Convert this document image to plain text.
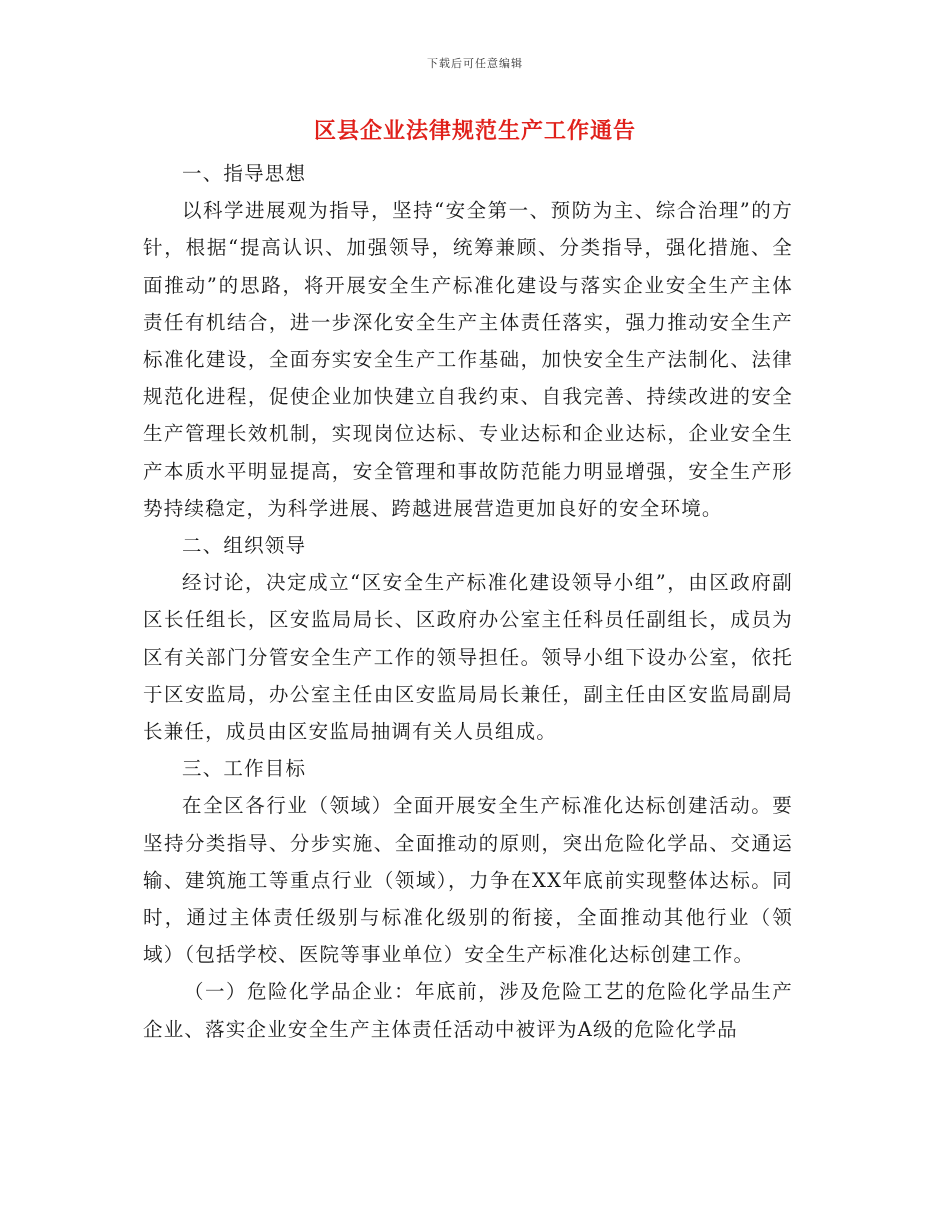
下载后可任意编辑
区县企业法律规范生产工作通告

一、指导思想

以科学进展观为指导，坚持“安全第一、预防为主、综合治理”的方针，根据“提高认识、加强领导，统筹兼顾、分类指导，强化措施、全面推动”的思路，将开展安全生产标准化建设与落实企业安全生产主体责任有机结合，进一步深化安全生产主体责任落实，强力推动安全生产标准化建设，全面夯实安全生产工作基础，加快安全生产法制化、法律规范化进程，促使企业加快建立自我约束、自我完善、持续改进的安全生产管理长效机制，实现岗位达标、专业达标和企业达标，企业安全生产本质水平明显提高，安全管理和事故防范能力明显增强，安全生产形势持续稳定，为科学进展、跨越进展营造更加良好的安全环境。

二、组织领导

经讨论，决定成立“区安全生产标准化建设领导小组”，由区政府副区长任组长，区安监局局长、区政府办公室主任科员任副组长，成员为区有关部门分管安全生产工作的领导担任。领导小组下设办公室，依托于区安监局，办公室主任由区安监局局长兼任，副主任由区安监局副局长兼任，成员由区安监局抽调有关人员组成。

三、工作目标

在全区各行业（领域）全面开展安全生产标准化达标创建活动。要坚持分类指导、分步实施、全面推动的原则，突出危险化学品、交通运输、建筑施工等重点行业（领域），力争在XX年底前实现整体达标。同时，通过主体责任级别与标准化级别的衔接，全面推动其他行业（领域）（包括学校、医院等事业单位）安全生产标准化达标创建工作。

（一）危险化学品企业：年底前，涉及危险工艺的危险化学品生产企业、落实企业安全生产主体责任活动中被评为A级的危险化学品
